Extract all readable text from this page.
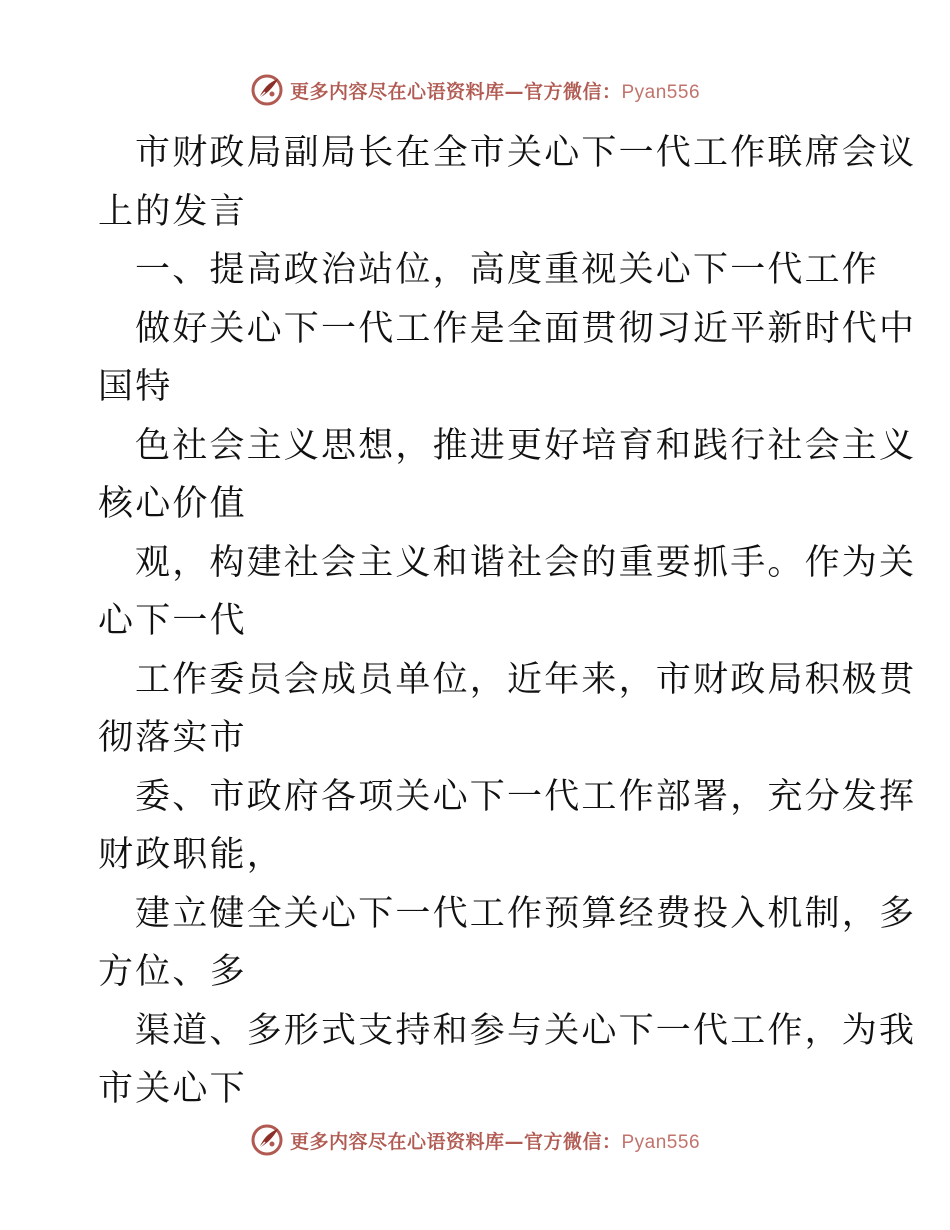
更多内容尽在心语资料库—官方微信：Pyan556
市财政局副局长在全市关心下一代工作联席会议
上的发言
一、提高政治站位，高度重视关心下一代工作
做好关心下一代工作是全面贯彻习近平新时代中
国特
色社会主义思想，推进更好培育和践行社会主义
核心价值
观，构建社会主义和谐社会的重要抓手。作为关
心下一代
工作委员会成员单位，近年来，市财政局积极贯
彻落实市
委、市政府各项关心下一代工作部署，充分发挥
财政职能，
建立健全关心下一代工作预算经费投入机制，多
方位、多
渠道、多形式支持和参与关心下一代工作，为我
市关心下
更多内容尽在心语资料库—官方微信：Pyan556
